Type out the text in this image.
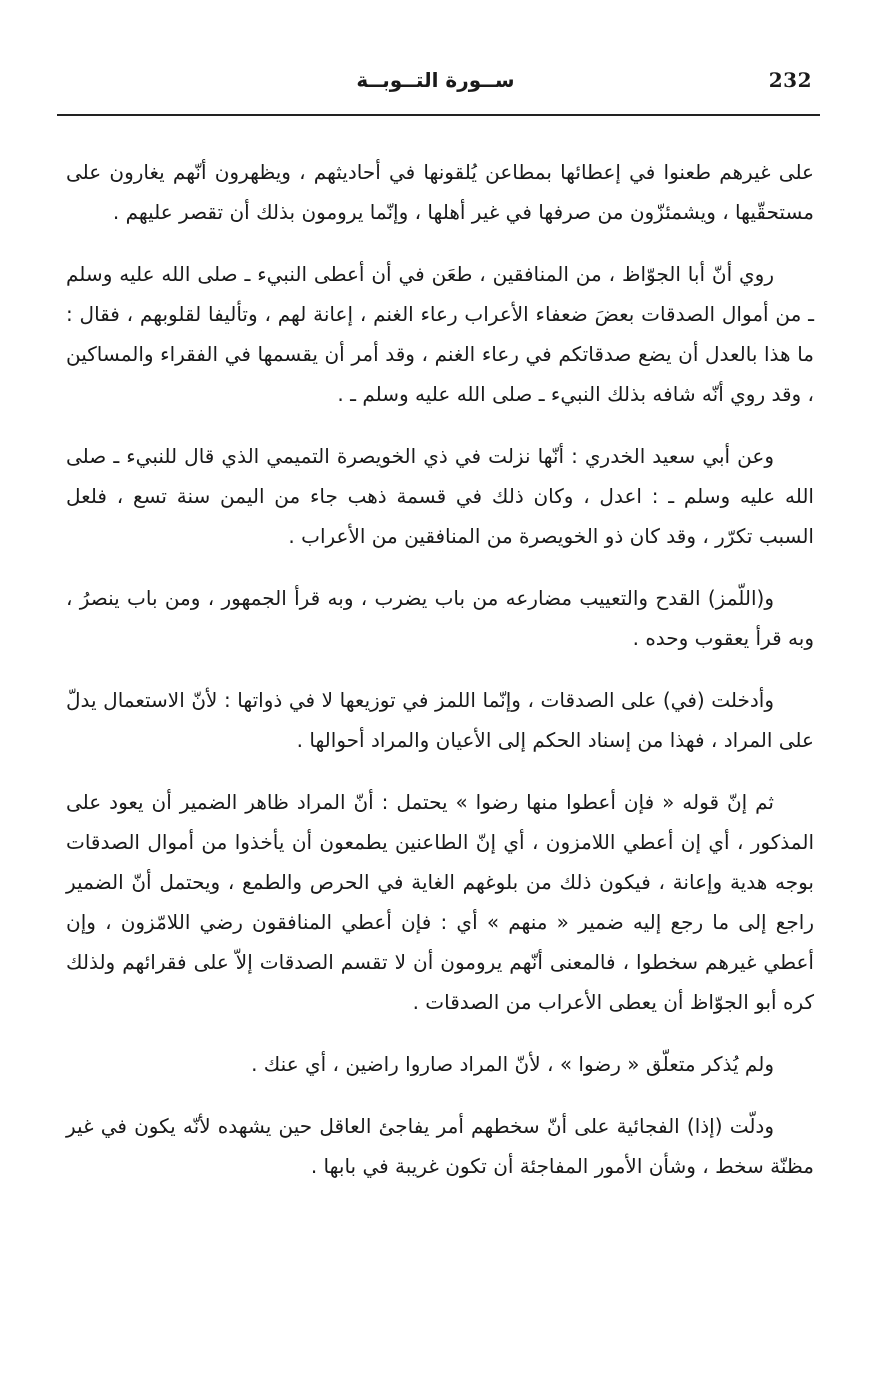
232
ســورة التــوبــة

على غيرهم طعنوا في إعطائها بمطاعن يُلقونها في أحاديثهم ، ويظهرون أنّهم يغارون على مستحقّيها ، ويشمئزّون من صرفها في غير أهلها ، وإنّما يرومون بذلك أن تقصر عليهم .

روي أنّ أبا الجوّاظ ، من المنافقين ، طعَن في أن أعطى النبيء ـ صلى الله عليه وسلم ـ من أموال الصدقات بعضَ ضعفاء الأعراب رعاء الغنم ، إعانة لهم ، وتأليفا لقلوبهم ، فقال : ما هذا بالعدل أن يضع صدقاتكم في رعاء الغنم ، وقد أمر أن يقسمها في الفقراء والمساكين ، وقد روي أنّه شافه بذلك النبيء ـ صلى الله عليه وسلم ـ .

وعن أبي سعيد الخدري : أنّها نزلت في ذي الخويصرة التميمي الذي قال للنبيء ـ صلى الله عليه وسلم ـ : اعدل ، وكان ذلك في قسمة ذهب جاء من اليمن سنة تسع ، فلعل السبب تكرّر ، وقد كان ذو الخويصرة من المنافقين من الأعراب .

و(اللّمز) القدح والتعييب مضارعه من باب يضرب ، وبه قرأ الجمهور ، ومن باب ينصرُ ، وبه قرأ يعقوب وحده .

وأدخلت (في) على الصدقات ، وإنّما اللمز في توزيعها لا في ذواتها : لأنّ الاستعمال يدلّ على المراد ، فهذا من إسناد الحكم إلى الأعيان والمراد أحوالها .

ثم إنّ قوله « فإن أعطوا منها رضوا » يحتمل : أنّ المراد ظاهر الضمير أن يعود على المذكور ، أي إن أعطي اللامزون ، أي إنّ الطاعنين يطمعون أن يأخذوا من أموال الصدقات بوجه هدية وإعانة ، فيكون ذلك من بلوغهم الغاية في الحرص والطمع ، ويحتمل أنّ الضمير راجع إلى ما رجع إليه ضمير « منهم » أي : فإن أعطي المنافقون رضي اللامّزون ، وإن أعطي غيرهم سخطوا ، فالمعنى أنّهم يرومون أن لا تقسم الصدقات إلاّ على فقرائهم ولذلك كره أبو الجوّاظ أن يعطى الأعراب من الصدقات .

ولم يُذكر متعلّق « رضوا » ، لأنّ المراد صاروا راضين ، أي عنك .

ودلّت (إذا) الفجائية على أنّ سخطهم أمر يفاجئ العاقل حين يشهده لأنّه يكون في غير مظنّة سخط ، وشأن الأمور المفاجئة أن تكون غريبة في بابها .
